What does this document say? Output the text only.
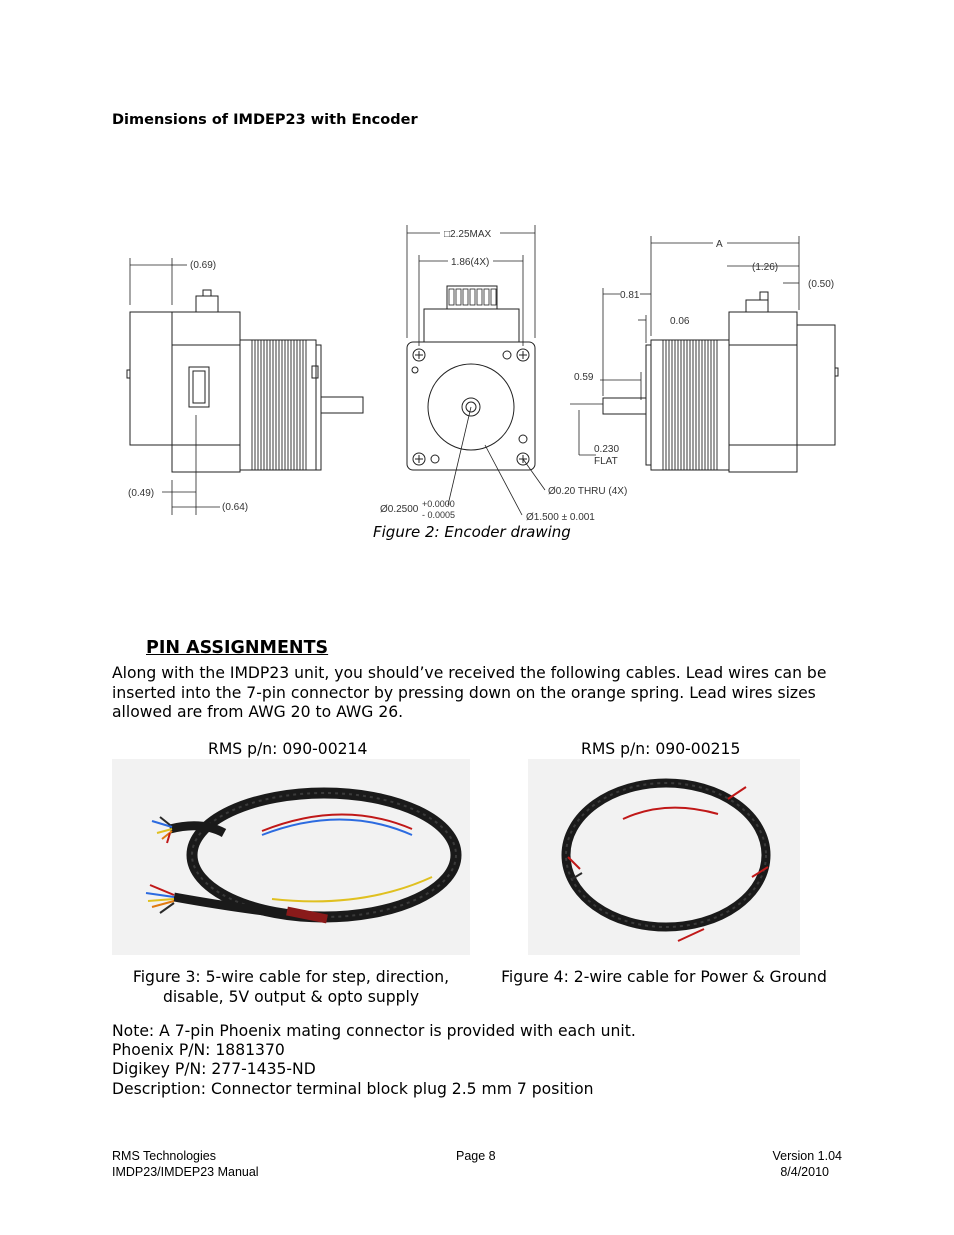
Dimensions of IMDEP23 with Encoder
(0.69)
(0.49)
(0.64)
□2.25MAX
1.86(4X)
Ø0.20 THRU (4X)
Ø0.2500 +0.0000
- 0.0005	Ø1.500 ± 0.001
A
(1.26)
(0.50)
0.81
0.06
0.59
0.230
FLAT
Figure 2: Encoder drawing
PIN ASSIGNMENTS
Along with the IMDP23 unit, you should’ve received the following cables. Lead wires can be inserted into the 7-pin connector by pressing down on the orange spring. Lead wires sizes allowed are from AWG 20 to AWG 26.
RMS p/n: 090-00214	RMS p/n: 090-00215
Figure 3: 5-wire cable for step, direction,
disable, 5V output & opto supply
Figure 4: 2-wire cable for Power & Ground
Note: A 7-pin Phoenix mating connector is provided with each unit.
Phoenix P/N: 1881370
Digikey P/N: 277-1435-ND
Description: Connector terminal block plug 2.5 mm 7 position
RMS Technologies
IMDP23/IMDEP23 Manual
Page 8	Version 1.04
8/4/2010
